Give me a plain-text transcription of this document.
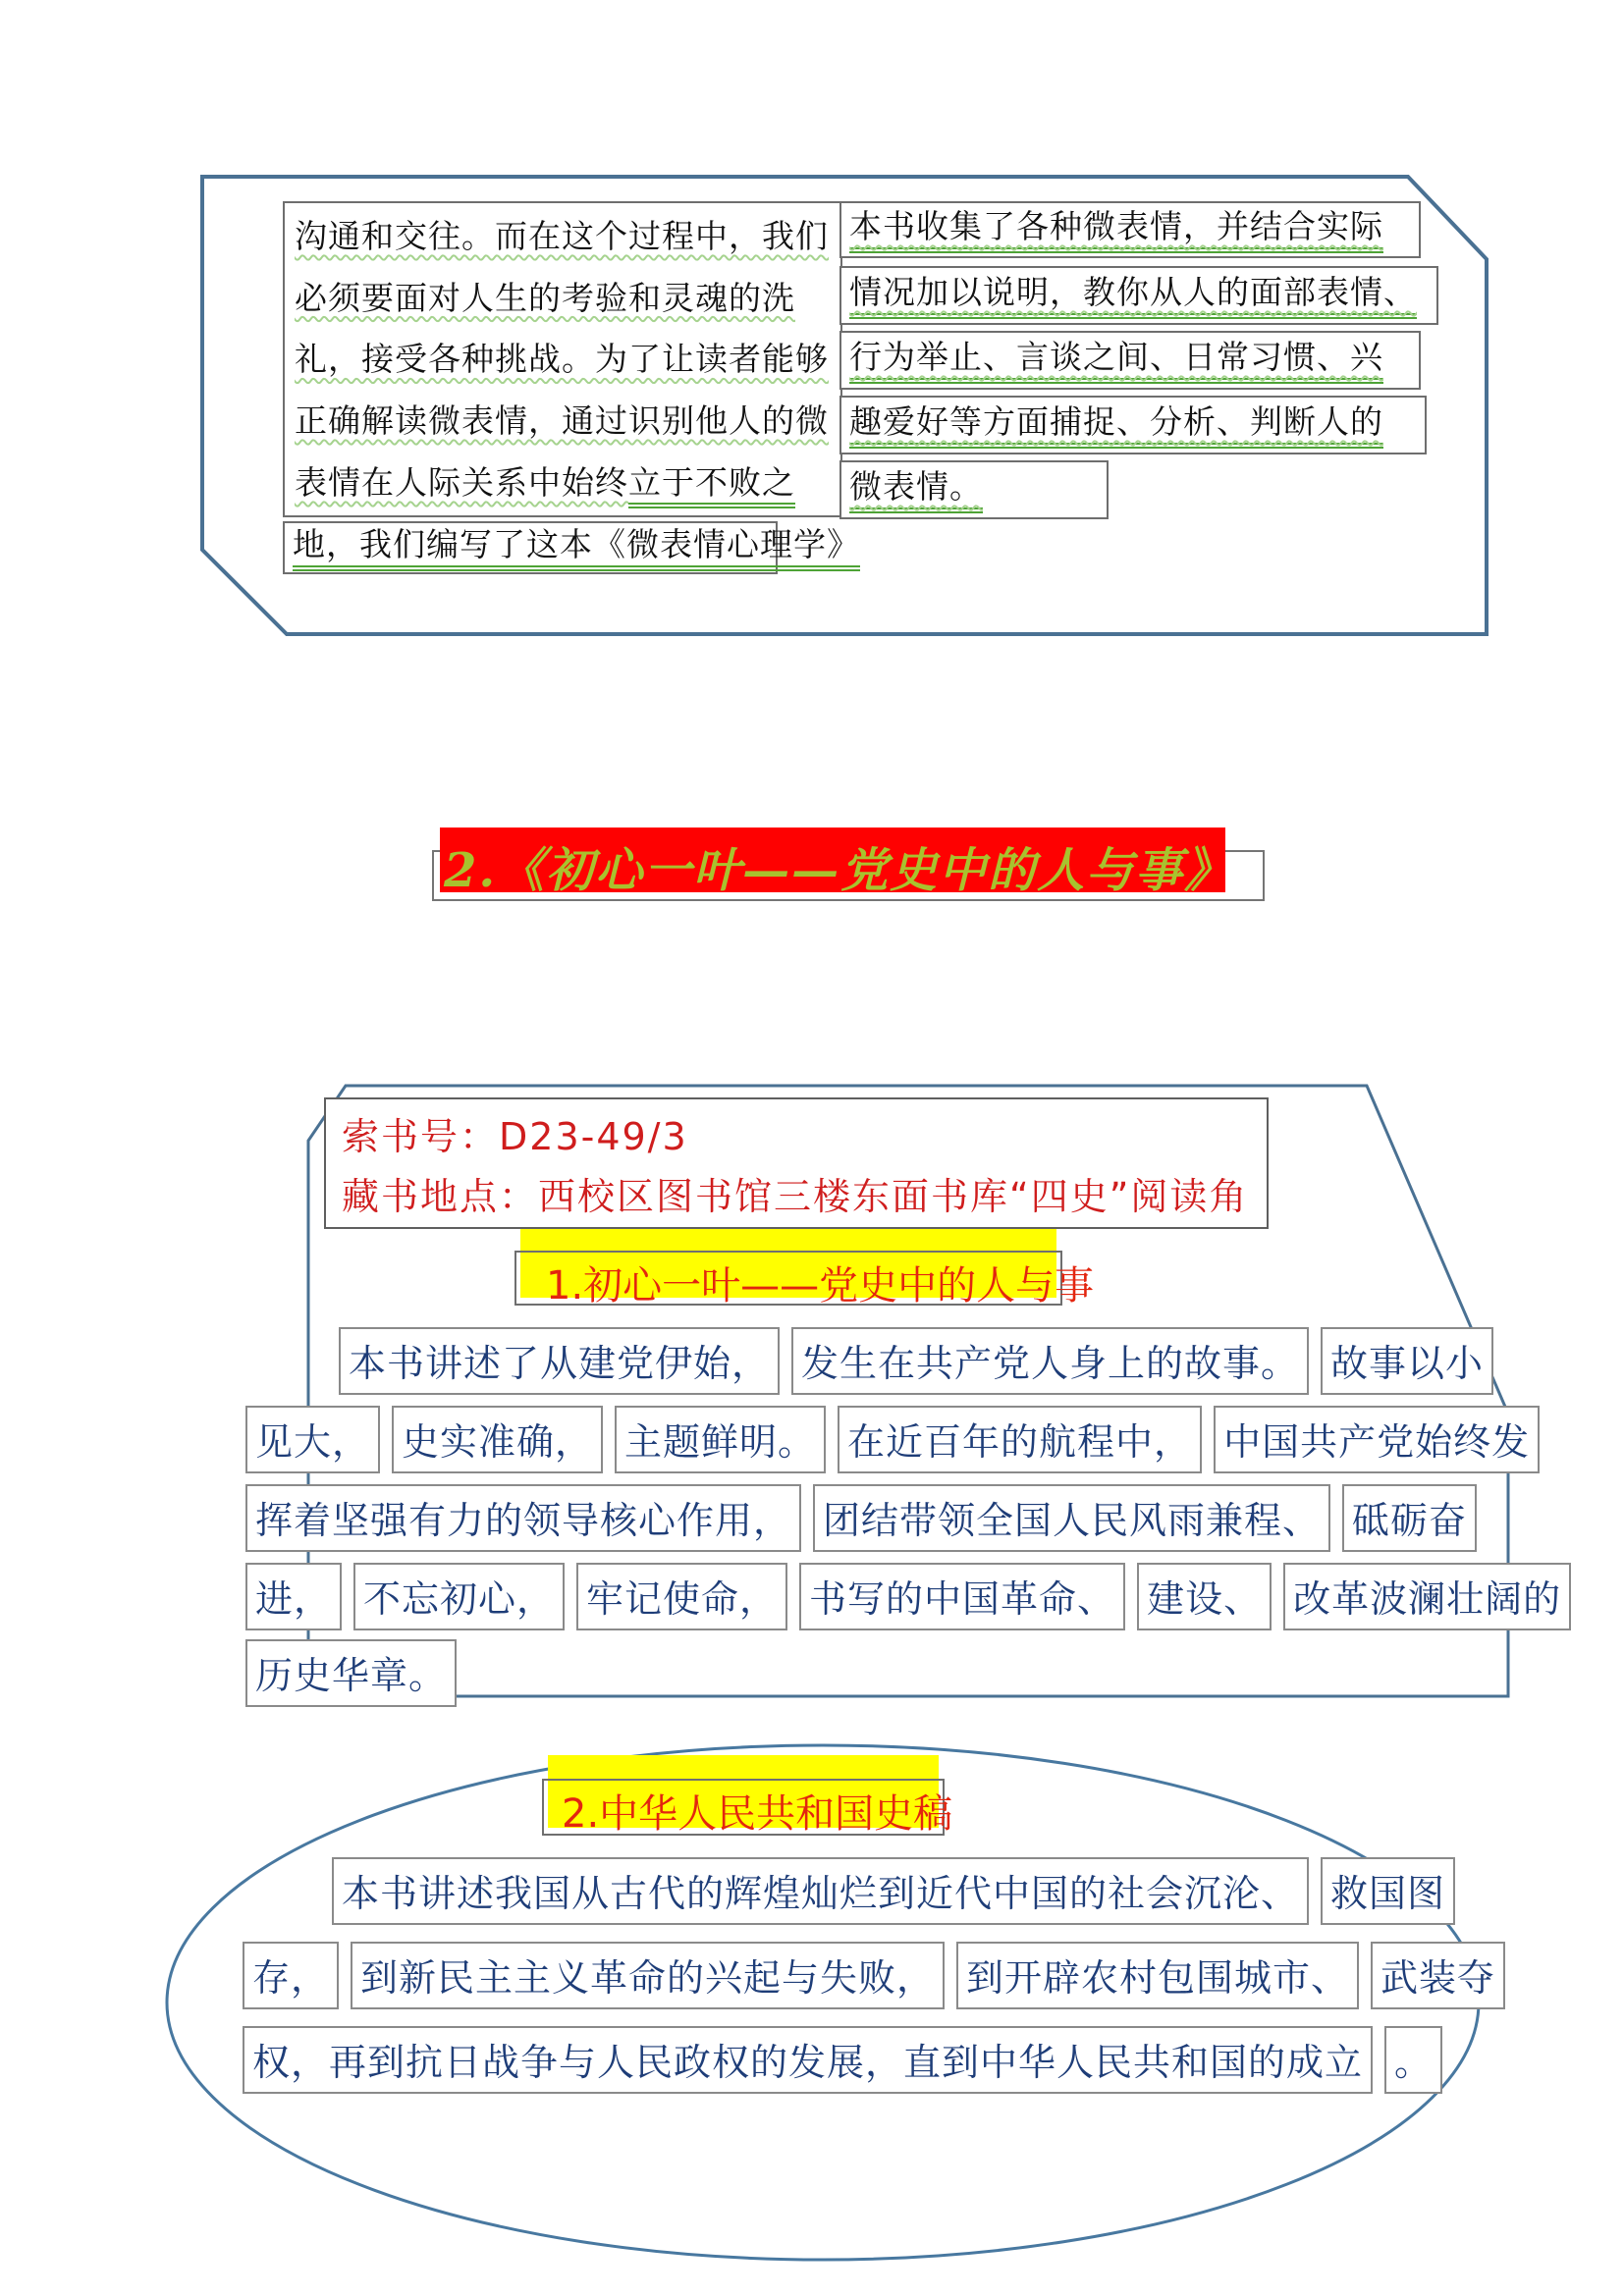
沟通和交往。而在这个过程中，我们
必须要面对人生的考验和灵魂的洗
礼，接受各种挑战。为了让读者能够
正确解读微表情，通过识别他人的微
表情在人际关系中始终立于不败之
地，我们编写了这本《微表情心理学》
本书收集了各种微表情，并结合实际
情况加以说明，教你从人的面部表情、
行为举止、言谈之间、日常习惯、兴
趣爱好等方面捕捉、分析、判断人的
微表情。
2.《初心一叶——党史中的人与事》
索书号：D23-49/3
藏书地点：西校区图书馆三楼东面书库“四史”阅读角
1.初心一叶——党史中的人与事
本书讲述了从建党伊始， 发生在共产党人身上的故事。 故事以小
见大， 史实准确， 主题鲜明。 在近百年的航程中， 中国共产党始终发
挥着坚强有力的领导核心作用， 团结带领全国人民风雨兼程、 砥砺奋
进， 不忘初心， 牢记使命， 书写的中国革命、 建设、 改革波澜壮阔的
历史华章。
2.中华人民共和国史稿
本书讲述我国从古代的辉煌灿烂到近代中国的社会沉沦、 救国图
存， 到新民主主义革命的兴起与失败， 到开辟农村包围城市、 武装夺
权，再到抗日战争与人民政权的发展，直到中华人民共和国的成立 。
